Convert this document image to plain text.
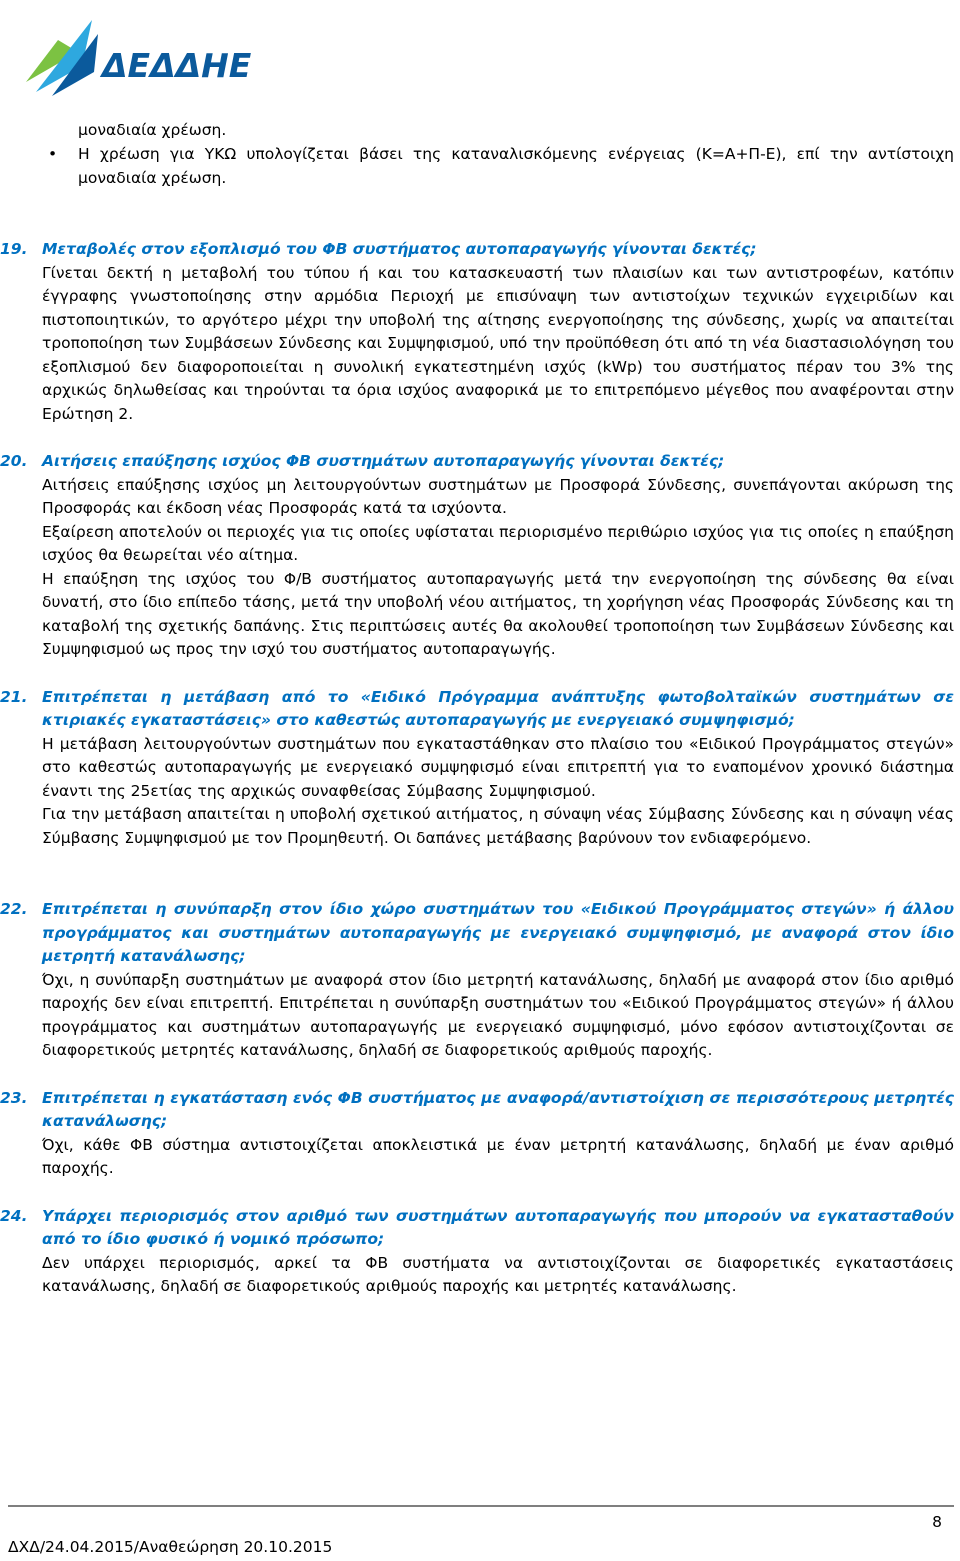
ΔΕΔΔΗΕ
μοναδιαία χρέωση.
• Η χρέωση για ΥΚΩ υπολογίζεται βάσει της καταναλισκόμενης ενέργειας (Κ=Α+Π-Ε), επί την αντίστοιχη μοναδιαία χρέωση.
19. Μεταβολές στον εξοπλισμό του ΦΒ συστήματος αυτοπαραγωγής γίνονται δεκτές;

Γίνεται δεκτή η μεταβολή του τύπου ή και του κατασκευαστή των πλαισίων και των αντιστροφέων, κατόπιν έγγραφης γνωστοποίησης στην αρμόδια Περιοχή με επισύναψη των αντιστοίχων τεχνικών εγχειριδίων και πιστοποιητικών, το αργότερο μέχρι την υποβολή της αίτησης ενεργοποίησης της σύνδεσης, χωρίς να απαιτείται τροποποίηση των Συμβάσεων Σύνδεσης και Συμψηφισμού, υπό την προϋπόθεση ότι από τη νέα διαστασιολόγηση του εξοπλισμού δεν διαφοροποιείται η συνολική εγκατεστημένη ισχύς (kWp) του συστήματος πέραν του 3% της αρχικώς δηλωθείσας και τηρούνται τα όρια ισχύος αναφορικά με το επιτρεπόμενο μέγεθος που αναφέρονται στην Ερώτηση 2.

20. Αιτήσεις επαύξησης ισχύος ΦΒ συστημάτων αυτοπαραγωγής γίνονται δεκτές;

Αιτήσεις επαύξησης ισχύος μη λειτουργούντων συστημάτων με Προσφορά Σύνδεσης, συνεπάγονται ακύρωση της Προσφοράς και έκδοση νέας Προσφοράς κατά τα ισχύοντα.

Εξαίρεση αποτελούν οι περιοχές για τις οποίες υφίσταται περιορισμένο περιθώριο ισχύος για τις οποίες η επαύξηση ισχύος θα θεωρείται νέο αίτημα.

Η επαύξηση της ισχύος του Φ/Β συστήματος αυτοπαραγωγής μετά την ενεργοποίηση της σύνδεσης θα είναι δυνατή, στο ίδιο επίπεδο τάσης, μετά την υποβολή νέου αιτήματος, τη χορήγηση νέας Προσφοράς Σύνδεσης και τη καταβολή της σχετικής δαπάνης. Στις περιπτώσεις αυτές θα ακολουθεί τροποποίηση των Συμβάσεων Σύνδεσης και Συμψηφισμού ως προς την ισχύ του συστήματος αυτοπαραγωγής.

21. Επιτρέπεται η μετάβαση από το «Ειδικό Πρόγραμμα ανάπτυξης φωτοβολταϊκών συστημάτων σε κτιριακές εγκαταστάσεις» στο καθεστώς αυτοπαραγωγής με ενεργειακό συμψηφισμό;

Η μετάβαση λειτουργούντων συστημάτων που εγκαταστάθηκαν στο πλαίσιο του «Ειδικού Προγράμματος στεγών» στο καθεστώς αυτοπαραγωγής με ενεργειακό συμψηφισμό είναι επιτρεπτή για το εναπομένον χρονικό διάστημα έναντι της 25ετίας της αρχικώς συναφθείσας Σύμβασης Συμψηφισμού.

Για την μετάβαση απαιτείται η υποβολή σχετικού αιτήματος, η σύναψη νέας Σύμβασης Σύνδεσης και η σύναψη νέας Σύμβασης Συμψηφισμού με τον Προμηθευτή. Οι δαπάνες μετάβασης βαρύνουν τον ενδιαφερόμενο.

22. Επιτρέπεται η συνύπαρξη στον ίδιο χώρο συστημάτων του «Ειδικού Προγράμματος στεγών» ή άλλου προγράμματος και συστημάτων αυτοπαραγωγής με ενεργειακό συμψηφισμό, με αναφορά στον ίδιο μετρητή κατανάλωσης;

Όχι, η συνύπαρξη συστημάτων με αναφορά στον ίδιο μετρητή κατανάλωσης, δηλαδή με αναφορά στον ίδιο αριθμό παροχής δεν είναι επιτρεπτή. Επιτρέπεται η συνύπαρξη συστημάτων του «Ειδικού Προγράμματος στεγών» ή άλλου προγράμματος και συστημάτων αυτοπαραγωγής με ενεργειακό συμψηφισμό, μόνο εφόσον αντιστοιχίζονται σε διαφορετικούς μετρητές κατανάλωσης, δηλαδή σε διαφορετικούς αριθμούς παροχής.

23. Επιτρέπεται η εγκατάσταση ενός ΦΒ συστήματος με αναφορά/αντιστοίχιση σε περισσότερους μετρητές κατανάλωσης;

Όχι, κάθε ΦΒ σύστημα αντιστοιχίζεται αποκλειστικά με έναν μετρητή κατανάλωσης, δηλαδή με έναν αριθμό παροχής.

24. Υπάρχει περιορισμός στον αριθμό των συστημάτων αυτοπαραγωγής που μπορούν να εγκατασταθούν από το ίδιο φυσικό ή νομικό πρόσωπο;

Δεν υπάρχει περιορισμός, αρκεί τα ΦΒ συστήματα να αντιστοιχίζονται σε διαφορετικές εγκαταστάσεις κατανάλωσης, δηλαδή σε διαφορετικούς αριθμούς παροχής και μετρητές κατανάλωσης.

8
ΔΧΔ/24.04.2015/Αναθεώρηση 20.10.2015
